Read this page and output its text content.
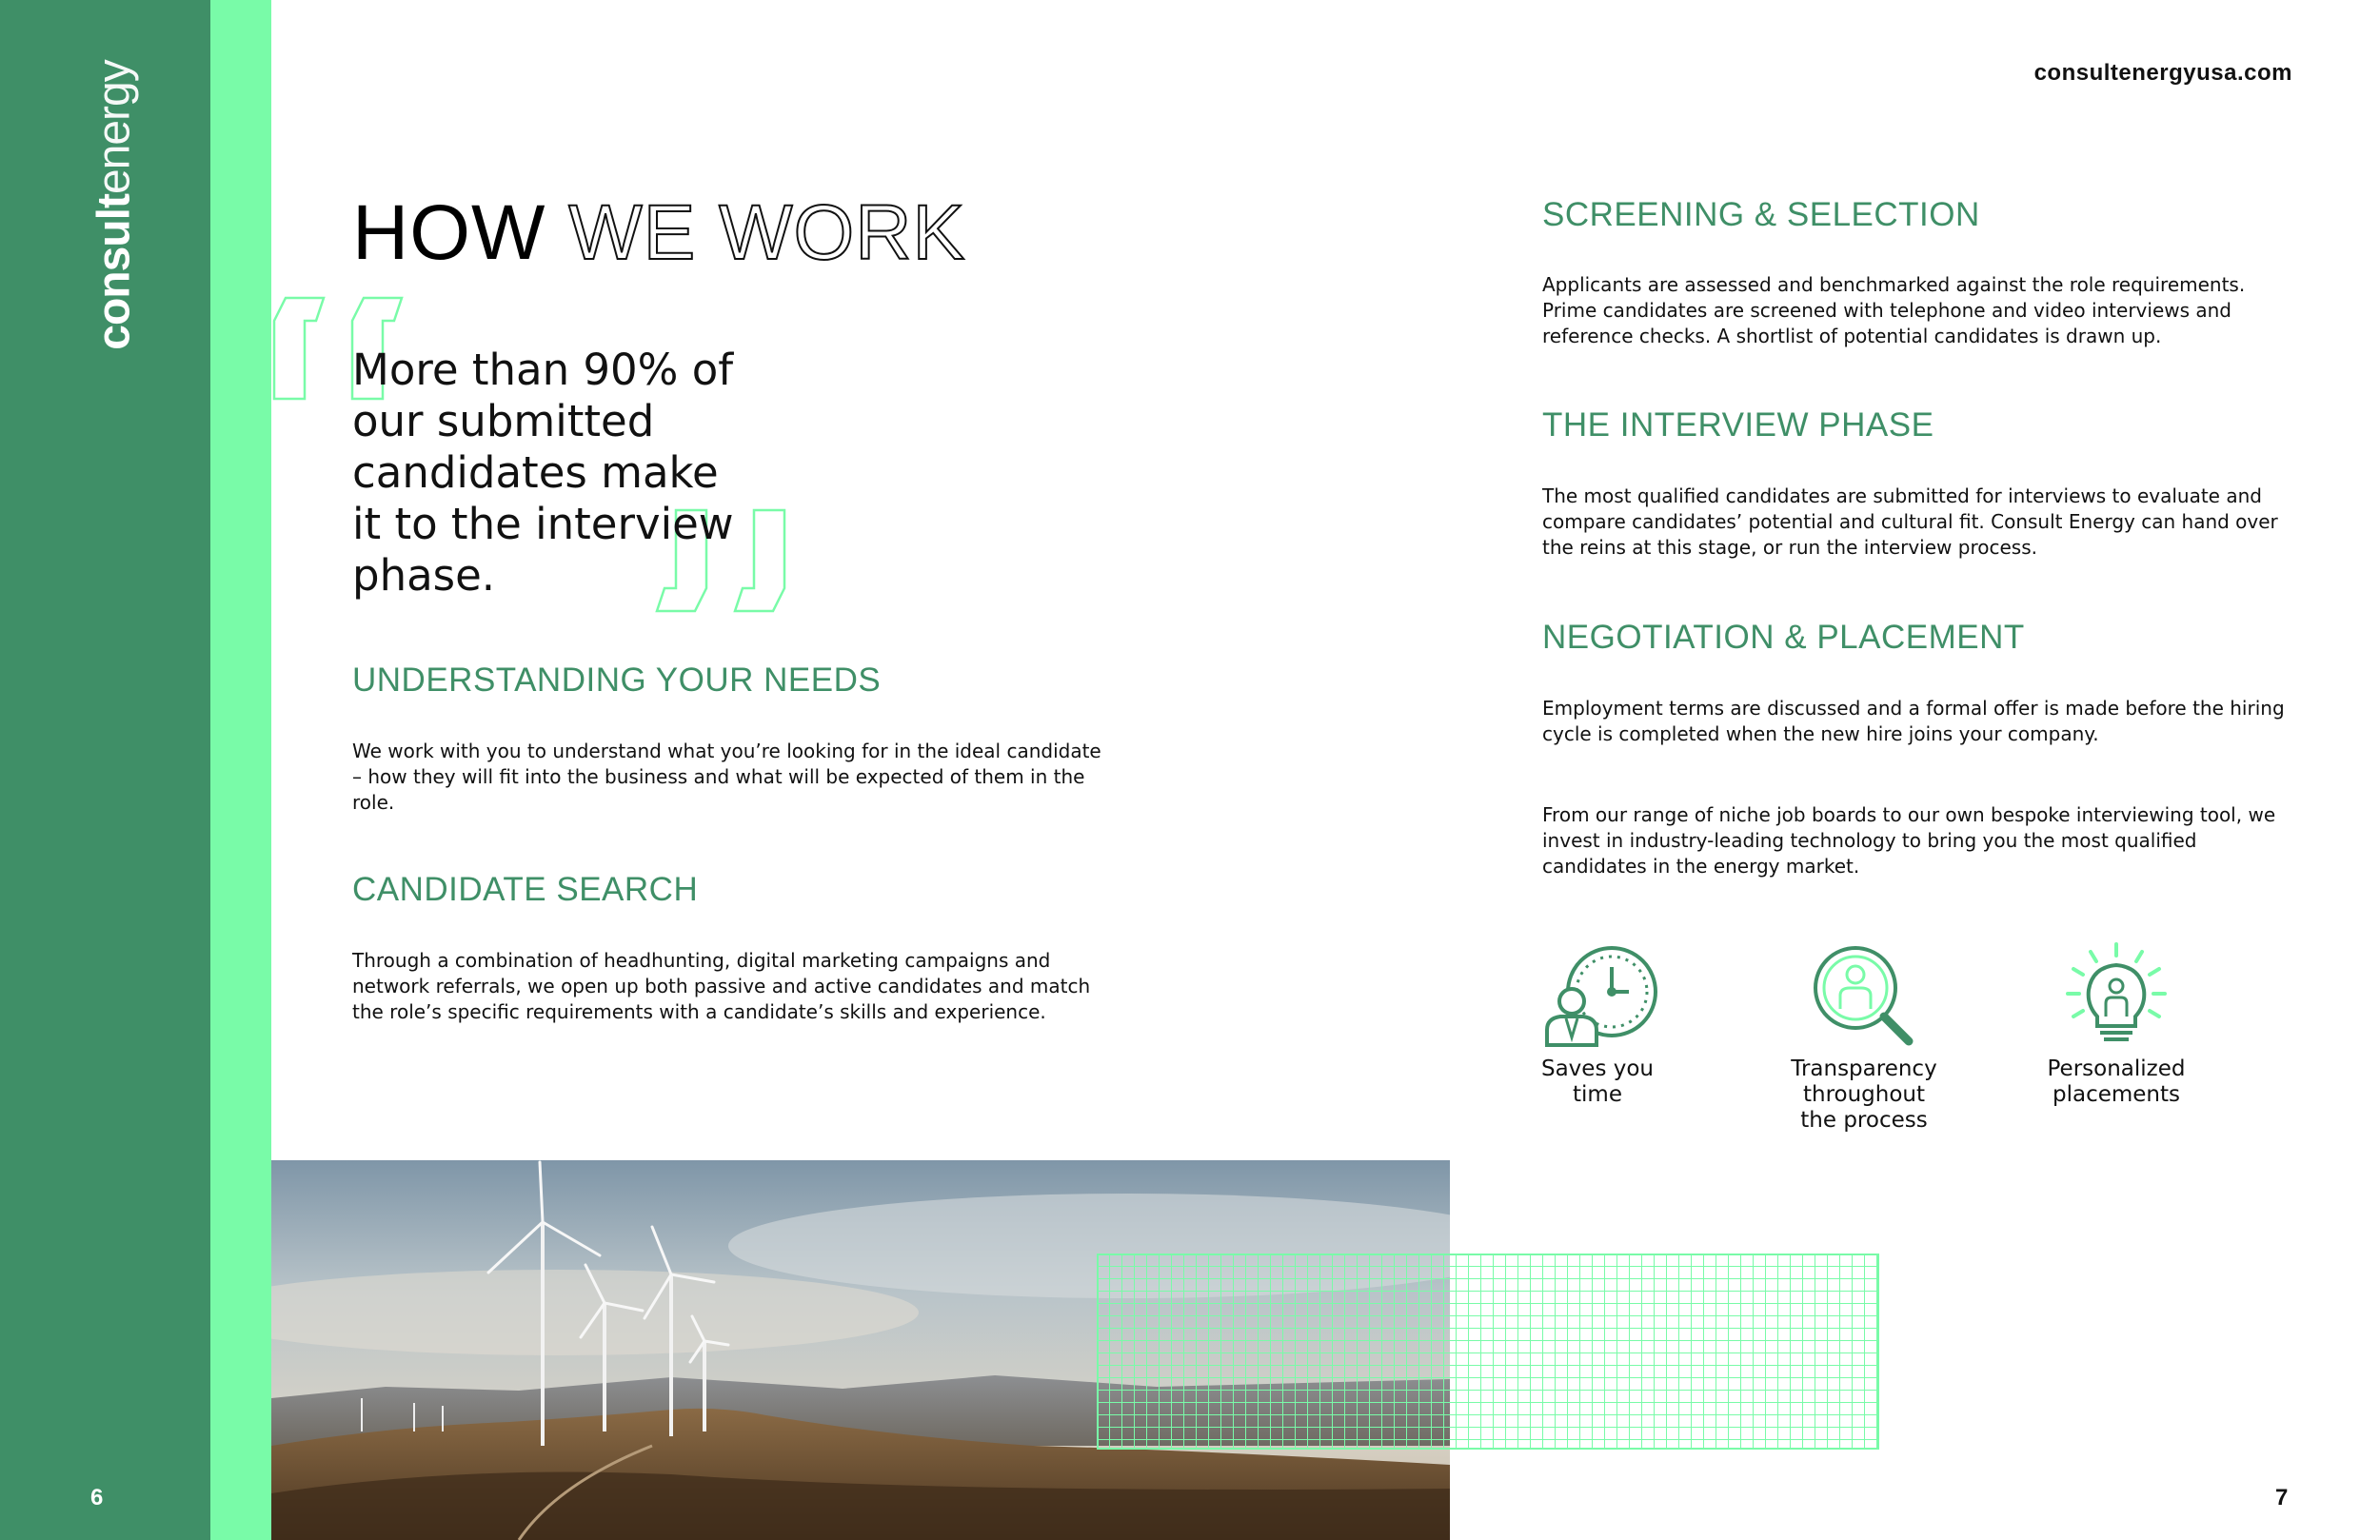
consultenergy
6
consultenergyusa.com
HOW WE WORK
More than 90% of our submitted candidates make it to the interview phase.
UNDERSTANDING YOUR NEEDS

We work with you to understand what you’re looking for in the ideal candidate – how they will fit into the business and what will be expected of them in the role.

CANDIDATE SEARCH

Through a combination of headhunting, digital marketing campaigns and network referrals, we open up both passive and active candidates and match the role’s specific requirements with a candidate’s skills and experience.

SCREENING & SELECTION

Applicants are assessed and benchmarked against the role requirements. Prime candidates are screened with telephone and video interviews and reference checks. A shortlist of potential candidates is drawn up.

THE INTERVIEW PHASE

The most qualified candidates are submitted for interviews to evaluate and compare candidates’ potential and cultural fit. Consult Energy can hand over the reins at this stage, or run the interview process.

NEGOTIATION & PLACEMENT

Employment terms are discussed and a formal offer is made before the hiring cycle is completed when the new hire joins your company.

From our range of niche job boards to our own bespoke interviewing tool, we invest in industry-leading technology to bring you the most qualified candidates in the energy market.

Saves you
time
Transparency
throughout
the process
Personalized
placements
7
